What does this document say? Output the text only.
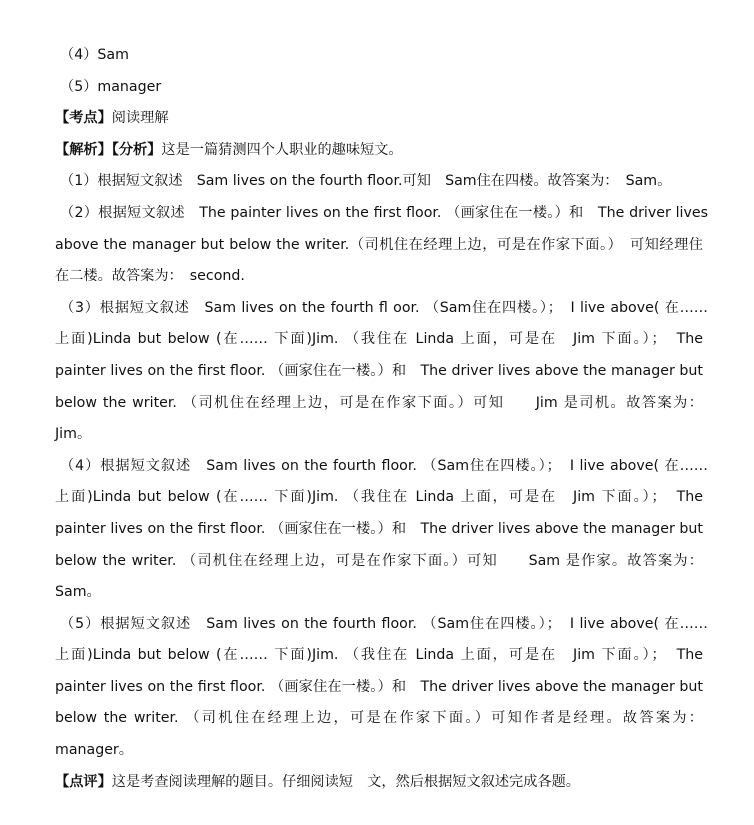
（4）Sam
（5）manager
【考点】阅读理解
【解析】【分析】这是一篇猜测四个人职业的趣味短文。
（1）根据短文叙述　Sam lives on the fourth floor.可知　Sam住在四楼。故答案为：　Sam。
（2）根据短文叙述　The painter lives on the first floor. （画家住在一楼。）和　The driver lives
above the manager but below the writer.（司机住在经理上边，可是在作家下面。）　可知经理住
在二楼。故答案为：　second.
（3）根据短文叙述　Sam lives on the fourth fl oor. （Sam住在四楼。）；　I live above( 在……
上面)Linda but below (在…… 下面)Jim. （我住在 Linda 上面，可是在　Jim 下面。）；　The
painter lives on the first floor. （画家住在一楼。）和　The driver lives above the manager but
below the writer. （司机住在经理上边，可是在作家下面。）可知　　Jim 是司机。故答案为：
Jim。
（4）根据短文叙述　Sam lives on the fourth floor. （Sam住在四楼。）；　I live above( 在……
上面)Linda but below (在…… 下面)Jim. （我住在 Linda 上面，可是在　Jim 下面。）；　The
painter lives on the first floor. （画家住在一楼。）和　The driver lives above the manager but
below the writer. （司机住在经理上边，可是在作家下面。）可知　　Sam 是作家。故答案为：
Sam。
（5）根据短文叙述　Sam lives on the fourth floor. （Sam住在四楼。）；　I live above( 在……
上面)Linda but below (在…… 下面)Jim. （我住在 Linda 上面，可是在　Jim 下面。）；　The
painter lives on the first floor. （画家住在一楼。）和　The driver lives above the manager but
below the writer. （司机住在经理上边，可是在作家下面。）可知作者是经理。故答案为：
manager。
【点评】这是考查阅读理解的题目。仔细阅读短　文，然后根据短文叙述完成各题。
